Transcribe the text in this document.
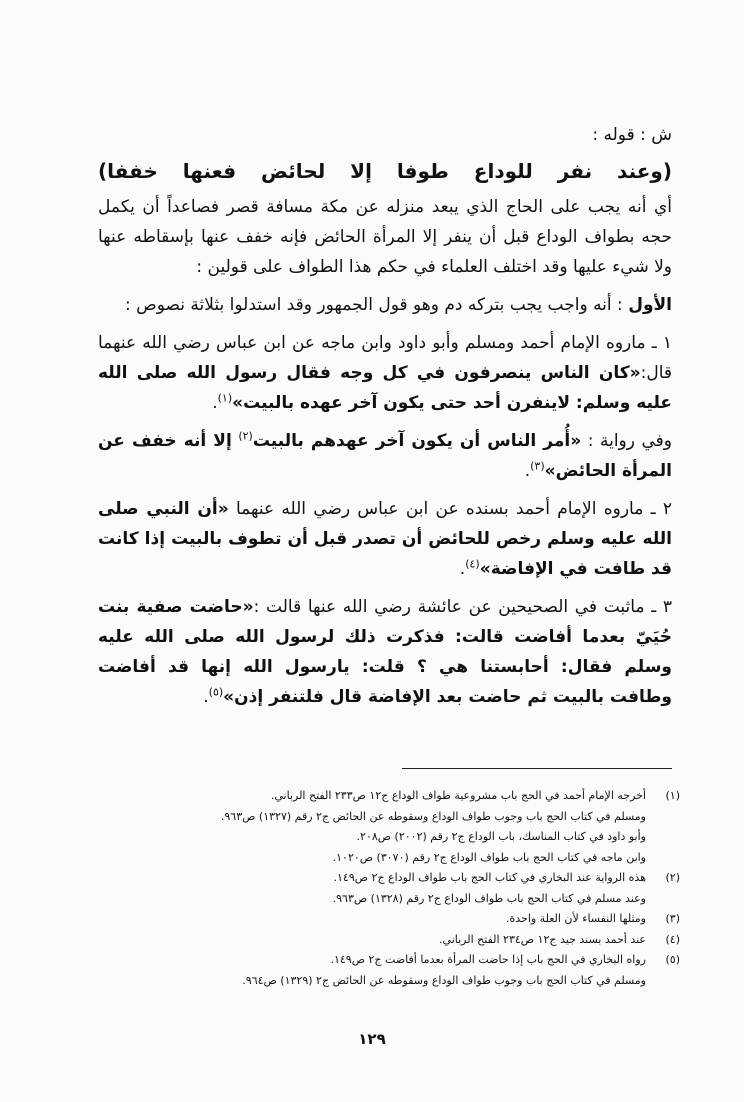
ش : قوله :

(وعند نفر للوداع طوفا إلا لحائض فعنها خففا)

أي أنه يجب على الحاج الذي يبعد منزله عن مكة مسافة قصر فصاعداً أن يكمل حجه بطواف الوداع قبل أن ينفر إلا المرأة الحائض فإنه خفف عنها بإسقاطه عنها ولا شيء عليها وقد اختلف العلماء في حكم هذا الطواف على قولين :

الأول : أنه واجب يجب بتركه دم وهو قول الجمهور وقد استدلوا بثلاثة نصوص :

١ ـ ماروه الإمام أحمد ومسلم وأبو داود وابن ماجه عن ابن عباس رضي الله عنهما قال:«كان الناس ينصرفون في كل وجه فقال رسول الله صلى الله عليه وسلم: لاينفرن أحد حتى يكون آخر عهده بالبيت»$^{(١)}$.

وفي رواية : «أُمر الناس أن يكون آخر عهدهم بالبيت$^{(٢)}$ إلا أنه خفف عن المرأة الحائض»$^{(٣)}$.

٢ ـ ماروه الإمام أحمد بسنده عن ابن عباس رضي الله عنهما «أن النبي صلى الله عليه وسلم رخص للحائض أن تصدر قبل أن تطوف بالبيت إذا كانت قد طافت في الإفاضة»$^{(٤)}$.

٣ ـ ماثبت في الصحيحين عن عائشة رضي الله عنها قالت :«حاضت صفية بنت حُيَيّ بعدما أفاضت قالت: فذكرت ذلك لرسول الله صلى الله عليه وسلم فقال: أحابستنا هي ؟ قلت: يارسول الله إنها قد أفاضت وطافت بالبيت ثم حاضت بعد الإفاضة قال فلتنفر إذن»$^{(٥)}$.

(١)
أخرجه الإمام أحمد في الحج باب مشروعية طواف الوداع ج١٢ ص٢٣٣ الفتح الرباني.
ومسلم في كتاب الحج باب وجوب طواف الوداع وسقوطه عن الحائض ج٢ رقم (١٣٢٧) ص٩٦٣.
وأبو داود في كتاب المناسك، باب الوداع ج٢ رقم (٢٠٠٢) ص٢٠٨.
وابن ماجه في كتاب الحج باب طواف الوداع ج٢ رقم (٣٠٧٠) ص١٠٢٠.
(٢)
هذه الرواية عند البخاري في كتاب الحج باب طواف الوداع ج٢ ص١٤٩.
وعند مسلم في كتاب الحج باب طواف الوداع ج٢ رقم (١٣٢٨) ص٩٦٣.
(٣)
ومثلها النفساء لأن العلة واحدة.
(٤)
عند أحمد بسند جيد ج١٢ ص٢٣٤ الفتح الرباني.
(٥)
رواه البخاري في الحج باب إذا حاضت المرأة بعدما أفاضت ج٢ ص١٤٩.
ومسلم في كتاب الحج باب وجوب طواف الوداع وسقوطه عن الحائض ج٢ (١٣٢٩) ص٩٦٤.
١٢٩
